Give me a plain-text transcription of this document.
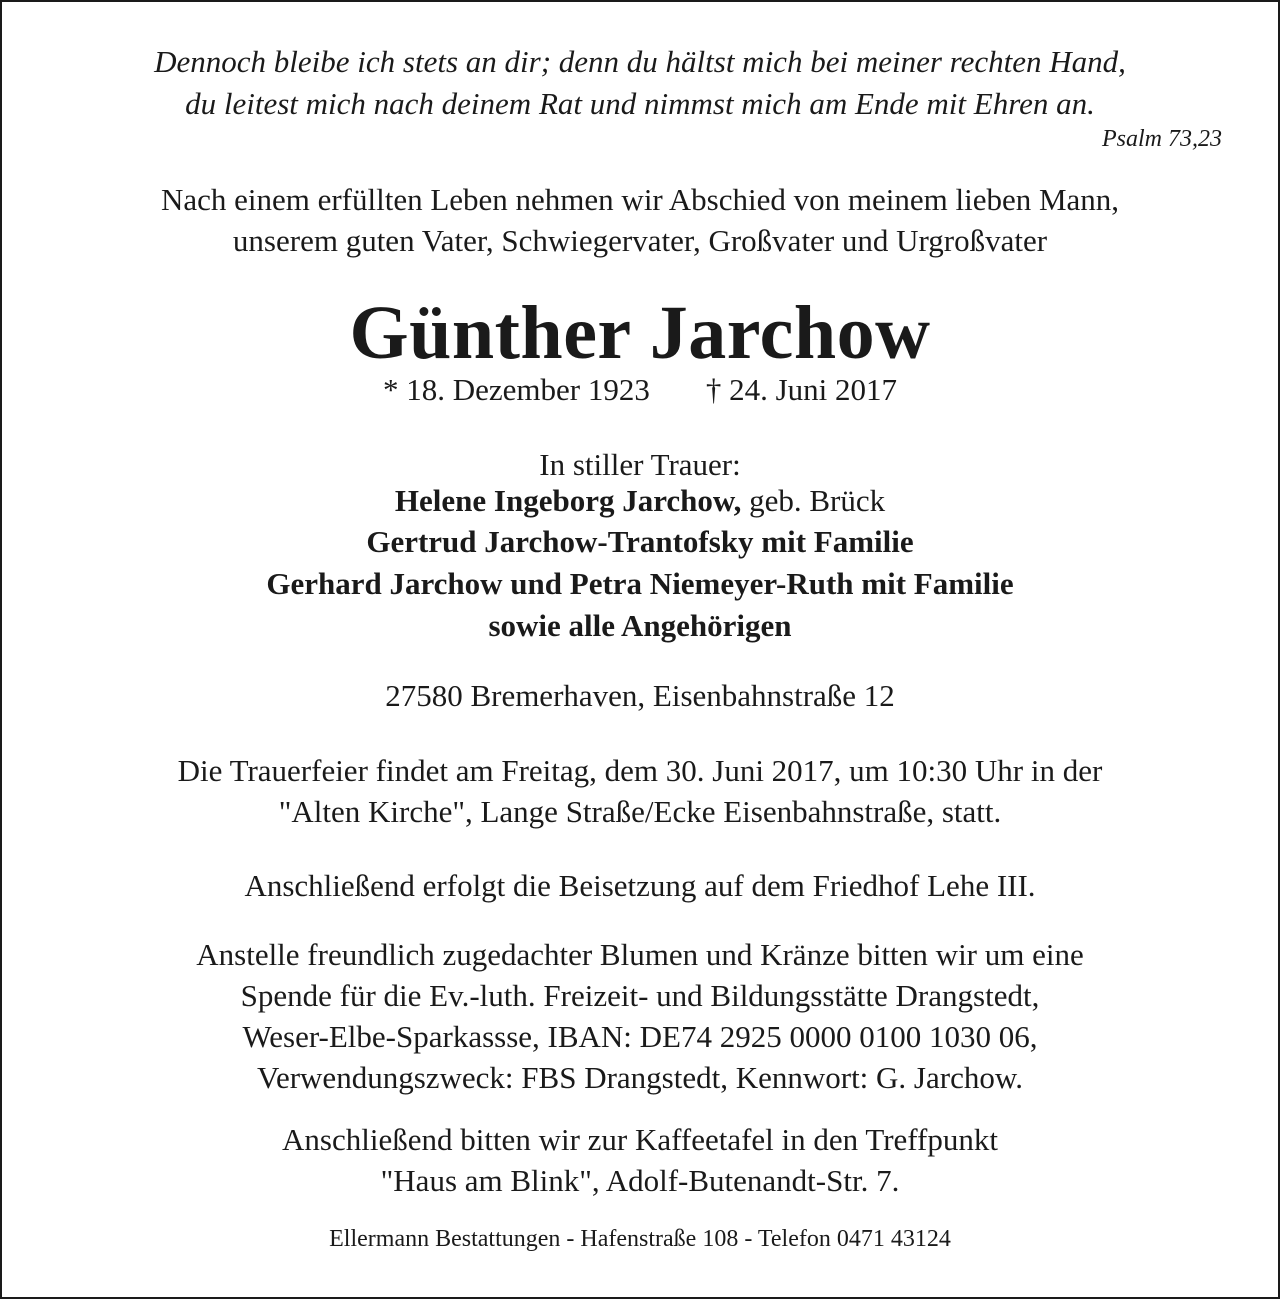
Dennoch bleibe ich stets an dir; denn du hältst mich bei meiner rechten Hand,
du leitest mich nach deinem Rat und nimmst mich am Ende mit Ehren an.
Psalm 73,23
Nach einem erfüllten Leben nehmen wir Abschied von meinem lieben Mann,
unserem guten Vater, Schwiegervater, Großvater und Urgroßvater
Günther Jarchow
* 18. Dezember 1923 † 24. Juni 2017
In stiller Trauer:
Helene Ingeborg Jarchow, geb. Brück
Gertrud Jarchow-Trantofsky mit Familie
Gerhard Jarchow und Petra Niemeyer-Ruth mit Familie
sowie alle Angehörigen
27580 Bremerhaven, Eisenbahnstraße 12
Die Trauerfeier findet am Freitag, dem 30. Juni 2017, um 10:30 Uhr in der
"Alten Kirche", Lange Straße/Ecke Eisenbahnstraße, statt.
Anschließend erfolgt die Beisetzung auf dem Friedhof Lehe III.
Anstelle freundlich zugedachter Blumen und Kränze bitten wir um eine
Spende für die Ev.-luth. Freizeit- und Bildungsstätte Drangstedt,
Weser-Elbe-Sparkassse, IBAN: DE74 2925 0000 0100 1030 06,
Verwendungszweck: FBS Drangstedt, Kennwort: G. Jarchow.
Anschließend bitten wir zur Kaffeetafel in den Treffpunkt
"Haus am Blink", Adolf-Butenandt-Str. 7.
Ellermann Bestattungen - Hafenstraße 108 - Telefon 0471 43124
